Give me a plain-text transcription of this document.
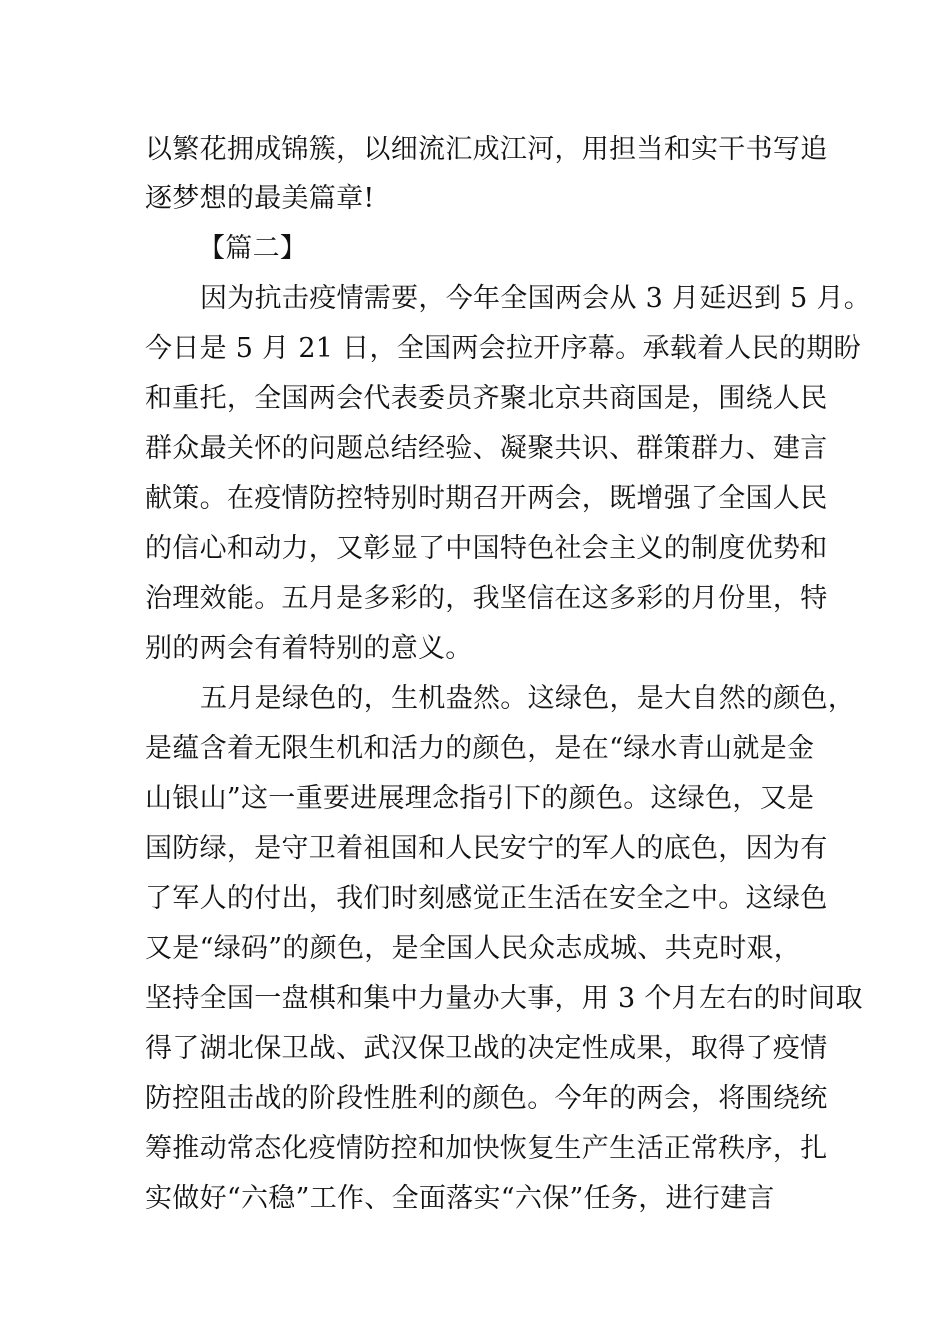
以繁花拥成锦簇，以细流汇成江河，用担当和实干书写追
逐梦想的最美篇章!
【篇二】
因为抗击疫情需要，今年全国两会从 3 月延迟到 5 月。
今日是 5 月 21 日，全国两会拉开序幕。承载着人民的期盼
和重托，全国两会代表委员齐聚北京共商国是，围绕人民
群众最关怀的问题总结经验、凝聚共识、群策群力、建言
献策。在疫情防控特别时期召开两会，既增强了全国人民
的信心和动力，又彰显了中国特色社会主义的制度优势和
治理效能。五月是多彩的，我坚信在这多彩的月份里，特
别的两会有着特别的意义。
五月是绿色的，生机盎然。这绿色，是大自然的颜色，
是蕴含着无限生机和活力的颜色，是在“绿水青山就是金
山银山”这一重要进展理念指引下的颜色。这绿色，又是
国防绿，是守卫着祖国和人民安宁的军人的底色，因为有
了军人的付出，我们时刻感觉正生活在安全之中。这绿色
又是“绿码”的颜色，是全国人民众志成城、共克时艰，
坚持全国一盘棋和集中力量办大事，用 3 个月左右的时间取
得了湖北保卫战、武汉保卫战的决定性成果，取得了疫情
防控阻击战的阶段性胜利的颜色。今年的两会，将围绕统
筹推动常态化疫情防控和加快恢复生产生活正常秩序，扎
实做好“六稳”工作、全面落实“六保”任务，进行建言
